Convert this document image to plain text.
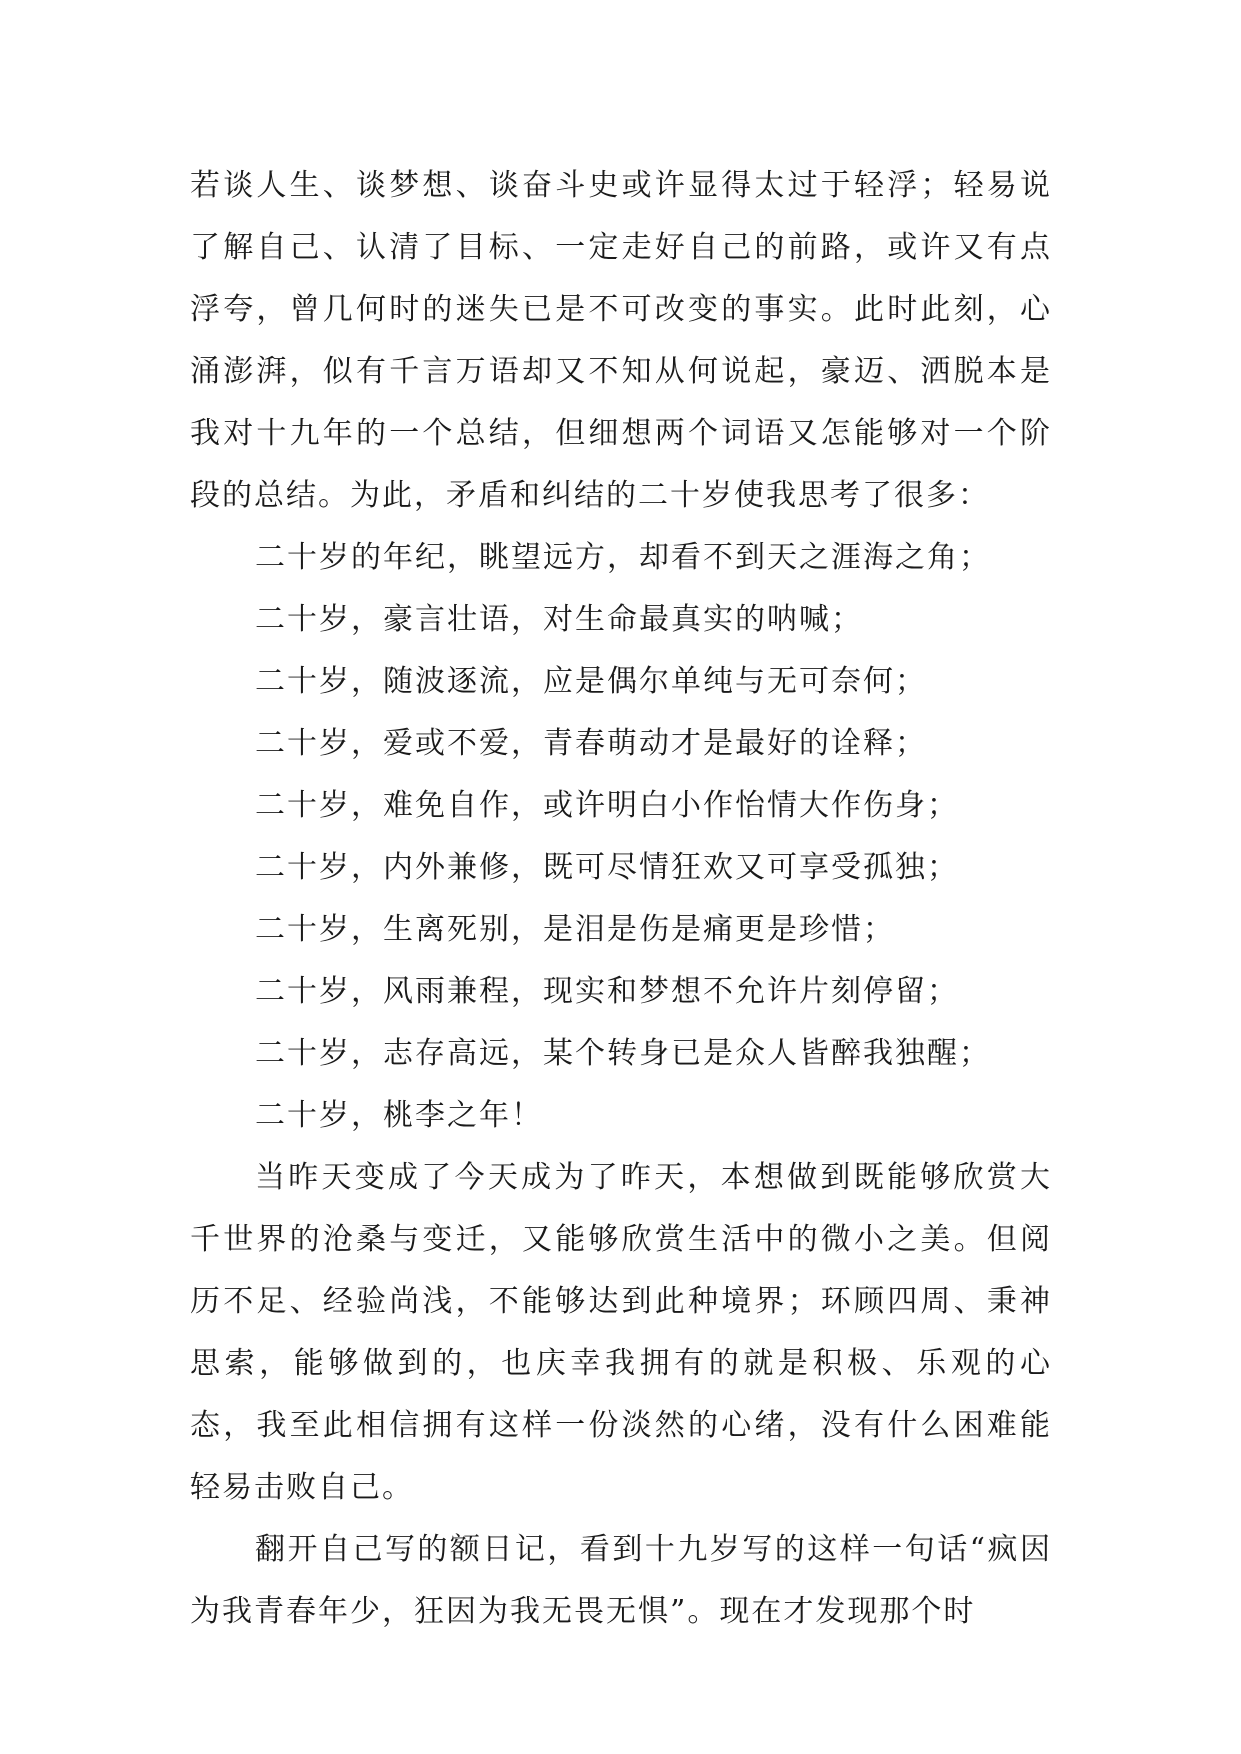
若谈人生、谈梦想、谈奋斗史或许显得太过于轻浮；轻易说了解自己、认清了目标、一定走好自己的前路，或许又有点浮夸，曾几何时的迷失已是不可改变的事实。此时此刻，心涌澎湃，似有千言万语却又不知从何说起，豪迈、洒脱本是我对十九年的一个总结，但细想两个词语又怎能够对一个阶段的总结。为此，矛盾和纠结的二十岁使我思考了很多：

二十岁的年纪，眺望远方，却看不到天之涯海之角；

二十岁，豪言壮语，对生命最真实的呐喊；

二十岁，随波逐流，应是偶尔单纯与无可奈何；

二十岁，爱或不爱，青春萌动才是最好的诠释；

二十岁，难免自作，或许明白小作怡情大作伤身；

二十岁，内外兼修，既可尽情狂欢又可享受孤独；

二十岁，生离死别，是泪是伤是痛更是珍惜；

二十岁，风雨兼程，现实和梦想不允许片刻停留；

二十岁，志存高远，某个转身已是众人皆醉我独醒；

二十岁，桃李之年！

当昨天变成了今天成为了昨天，本想做到既能够欣赏大千世界的沧桑与变迁，又能够欣赏生活中的微小之美。但阅历不足、经验尚浅，不能够达到此种境界；环顾四周、秉神思索，能够做到的，也庆幸我拥有的就是积极、乐观的心态，我至此相信拥有这样一份淡然的心绪，没有什么困难能轻易击败自己。

翻开自己写的额日记，看到十九岁写的这样一句话“疯因为我青春年少，狂因为我无畏无惧”。现在才发现那个时
